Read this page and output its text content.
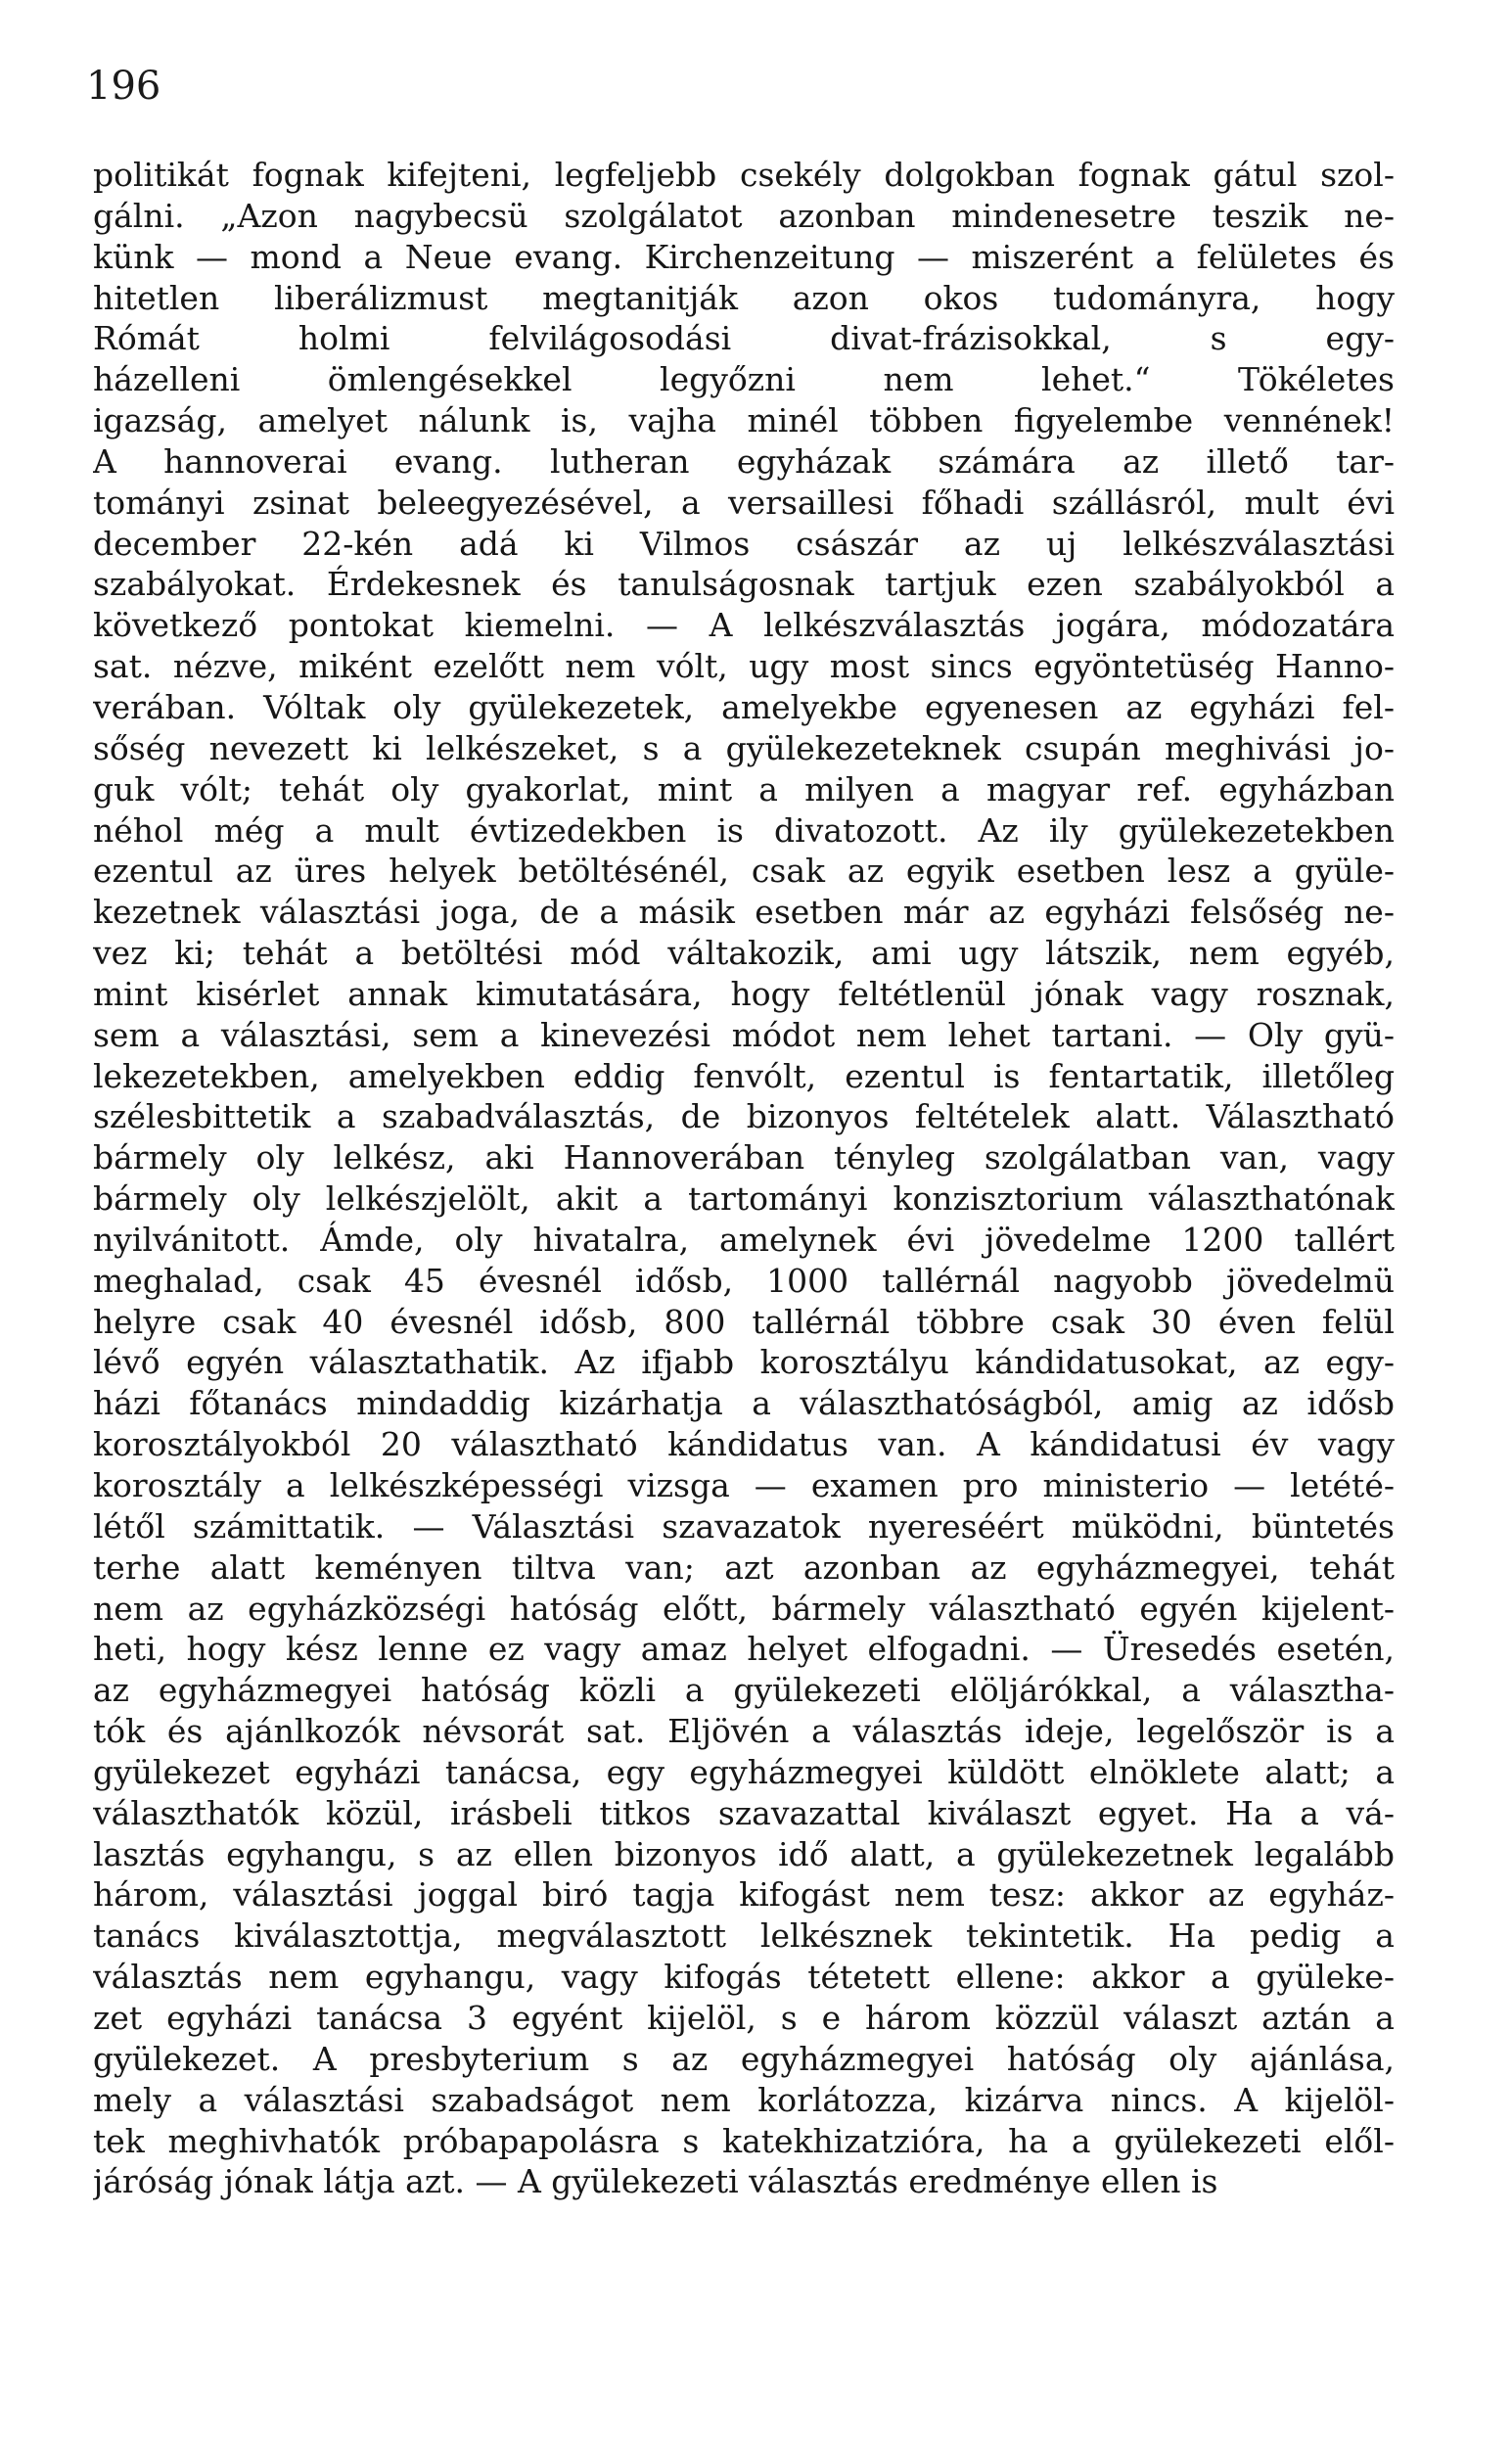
196
politikát fognak kifejteni, legfeljebb csekély dolgokban fognak gátul szol-
gálni. „Azon nagybecsü szolgálatot azonban mindenesetre teszik ne-
künk — mond a Neue evang. Kirchenzeitung — miszerént a felületes és
hitetlen liberálizmust megtanitják azon okos tudományra, hogy
Rómát holmi felvilágosodási divat-frázisokkal, s egy-
házelleni ömlengésekkel legyőzni nem lehet.“ Tökéletes
igazság, amelyet nálunk is, vajha minél többen figyelembe vennének!
A hannoverai evang. lutheran egyházak számára az illető tar-
tományi zsinat beleegyezésével, a versaillesi főhadi szállásról, mult évi
december 22-kén adá ki Vilmos császár az uj lelkészválasztási
szabályokat. Érdekesnek és tanulságosnak tartjuk ezen szabályokból a
következő pontokat kiemelni. — A lelkészválasztás jogára, módozatára
sat. nézve, miként ezelőtt nem vólt, ugy most sincs egyöntetüség Hanno-
verában. Vóltak oly gyülekezetek, amelyekbe egyenesen az egyházi fel-
sőség nevezett ki lelkészeket, s a gyülekezeteknek csupán meghivási jo-
guk vólt; tehát oly gyakorlat, mint a milyen a magyar ref. egyházban
néhol még a mult évtizedekben is divatozott. Az ily gyülekezetekben
ezentul az üres helyek betöltésénél, csak az egyik esetben lesz a gyüle-
kezetnek választási joga, de a másik esetben már az egyházi felsőség ne-
vez ki; tehát a betöltési mód váltakozik, ami ugy látszik, nem egyéb,
mint kisérlet annak kimutatására, hogy feltétlenül jónak vagy rosznak,
sem a választási, sem a kinevezési módot nem lehet tartani. — Oly gyü-
lekezetekben, amelyekben eddig fenvólt, ezentul is fentartatik, illetőleg
szélesbittetik a szabadválasztás, de bizonyos feltételek alatt. Választható
bármely oly lelkész, aki Hannoverában tényleg szolgálatban van, vagy
bármely oly lelkészjelölt, akit a tartományi konzisztorium választhatónak
nyilvánitott. Ámde, oly hivatalra, amelynek évi jövedelme 1200 tallért
meghalad, csak 45 évesnél idősb, 1000 tallérnál nagyobb jövedelmü
helyre csak 40 évesnél idősb, 800 tallérnál többre csak 30 éven felül
lévő egyén választathatik. Az ifjabb korosztályu kándidatusokat, az egy-
házi főtanács mindaddig kizárhatja a választhatóságból, amig az idősb
korosztályokból 20 választható kándidatus van. A kándidatusi év vagy
korosztály a lelkészképességi vizsga — examen pro ministerio — letété-
létől számittatik. — Választási szavazatok nyereséért müködni, büntetés
terhe alatt keményen tiltva van; azt azonban az egyházmegyei, tehát
nem az egyházközségi hatóság előtt, bármely választható egyén kijelent-
heti, hogy kész lenne ez vagy amaz helyet elfogadni. — Üresedés esetén,
az egyházmegyei hatóság közli a gyülekezeti elöljárókkal, a választha-
tók és ajánlkozók névsorát sat. Eljövén a választás ideje, legelőször is a
gyülekezet egyházi tanácsa, egy egyházmegyei küldött elnöklete alatt; a
választhatók közül, irásbeli titkos szavazattal kiválaszt egyet. Ha a vá-
lasztás egyhangu, s az ellen bizonyos idő alatt, a gyülekezetnek legalább
három, választási joggal biró tagja kifogást nem tesz: akkor az egyház-
tanács kiválasztottja, megválasztott lelkésznek tekintetik. Ha pedig a
választás nem egyhangu, vagy kifogás tétetett ellene: akkor a gyüleke-
zet egyházi tanácsa 3 egyént kijelöl, s e három közzül választ aztán a
gyülekezet. A presbyterium s az egyházmegyei hatóság oly ajánlása,
mely a választási szabadságot nem korlátozza, kizárva nincs. A kijelöl-
tek meghivhatók próbapapolásra s katekhizatzióra, ha a gyülekezeti elől-
járóság jónak látja azt. — A gyülekezeti választás eredménye ellen is
